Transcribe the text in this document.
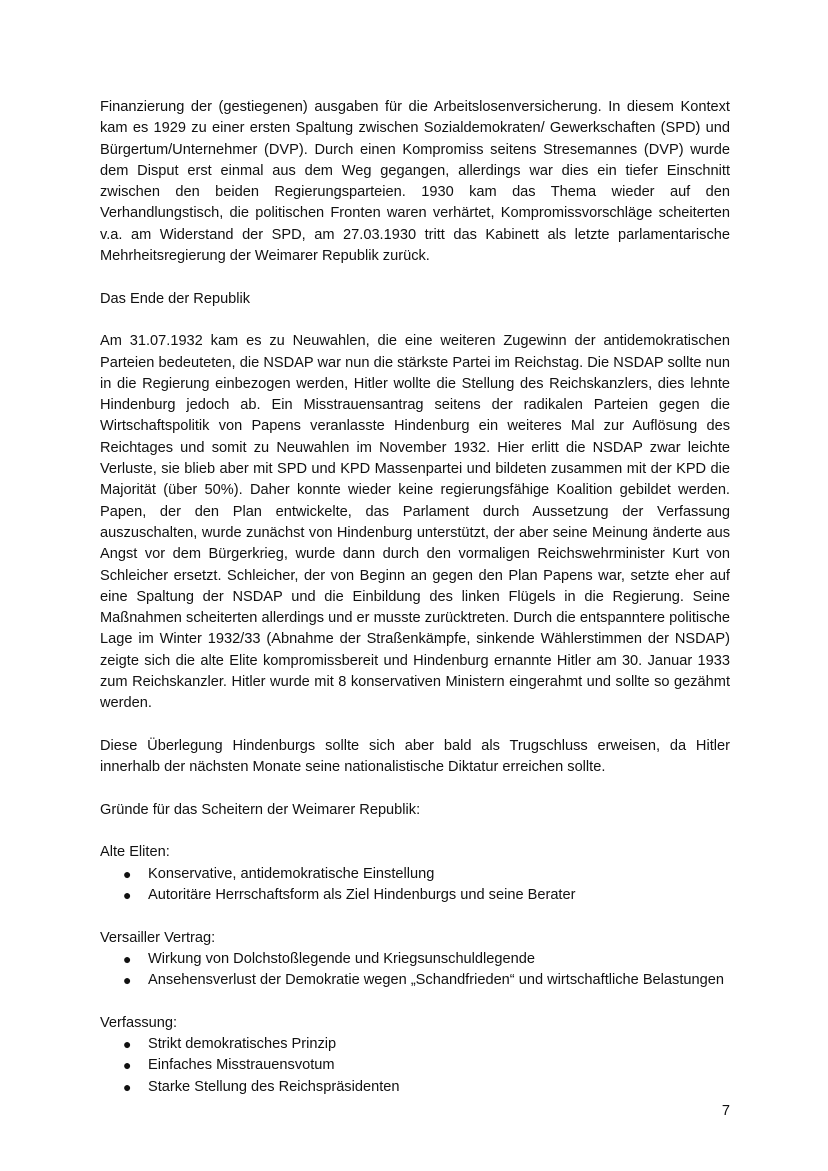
Finanzierung der (gestiegenen) ausgaben für die Arbeitslosenversicherung. In diesem Kontext kam es 1929 zu einer ersten Spaltung zwischen Sozialdemokraten/ Gewerkschaften (SPD) und Bürgertum/Unternehmer (DVP). Durch einen Kompromiss seitens Stresemannes (DVP) wurde dem Disput erst einmal aus dem Weg gegangen, allerdings war dies ein tiefer Einschnitt zwischen den beiden Regierungsparteien. 1930 kam das Thema wieder auf den Verhandlungstisch, die politischen Fronten waren verhärtet, Kompromissvorschläge scheiterten v.a. am Widerstand der SPD, am 27.03.1930 tritt das Kabinett als letzte parlamentarische Mehrheitsregierung der Weimarer Republik zurück.

Das Ende der Republik

Am 31.07.1932 kam es zu Neuwahlen, die eine weiteren Zugewinn der antidemokratischen Parteien bedeuteten, die NSDAP war nun die stärkste Partei im Reichstag. Die NSDAP sollte nun in die Regierung einbezogen werden, Hitler wollte die Stellung des Reichskanzlers, dies lehnte Hindenburg jedoch ab. Ein Misstrauensantrag seitens der radikalen Parteien gegen die Wirtschaftspolitik von Papens veranlasste Hindenburg ein weiteres Mal zur Auflösung des Reichtages und somit zu Neuwahlen im November 1932. Hier erlitt die NSDAP zwar leichte Verluste, sie blieb aber mit SPD und KPD Massenpartei und bildeten zusammen mit der KPD die Majorität (über 50%). Daher konnte wieder keine regierungsfähige Koalition gebildet werden. Papen, der den Plan entwickelte, das Parlament durch Aussetzung der Verfassung auszuschalten, wurde zunächst von Hindenburg unterstützt, der aber seine Meinung änderte aus Angst vor dem Bürgerkrieg, wurde dann durch den vormaligen Reichswehrminister Kurt von Schleicher ersetzt. Schleicher, der von Beginn an gegen den Plan Papens war, setzte eher auf eine Spaltung der NSDAP und die Einbildung des linken Flügels in die Regierung. Seine Maßnahmen scheiterten allerdings und er musste zurücktreten. Durch die entspanntere politische Lage im Winter 1932/33 (Abnahme der Straßenkämpfe, sinkende Wählerstimmen der NSDAP) zeigte sich die alte Elite kompromissbereit und Hindenburg ernannte Hitler am 30. Januar 1933 zum Reichskanzler. Hitler wurde mit 8 konservativen Ministern eingerahmt und sollte so gezähmt werden.

Diese Überlegung Hindenburgs sollte sich aber bald als Trugschluss erweisen, da Hitler innerhalb der nächsten Monate seine nationalistische Diktatur erreichen sollte.

Gründe für das Scheitern der Weimarer Republik:

Alte Eliten:

● Konservative, antidemokratische Einstellung
● Autoritäre Herrschaftsform als Ziel Hindenburgs und seine Berater

Versailler Vertrag:

● Wirkung von Dolchstoßlegende und Kriegsunschuldlegende
● Ansehensverlust der Demokratie wegen „Schandfrieden“ und wirtschaftliche Belastungen

Verfassung:

● Strikt demokratisches Prinzip
● Einfaches Misstrauensvotum
● Starke Stellung des Reichspräsidenten
7
